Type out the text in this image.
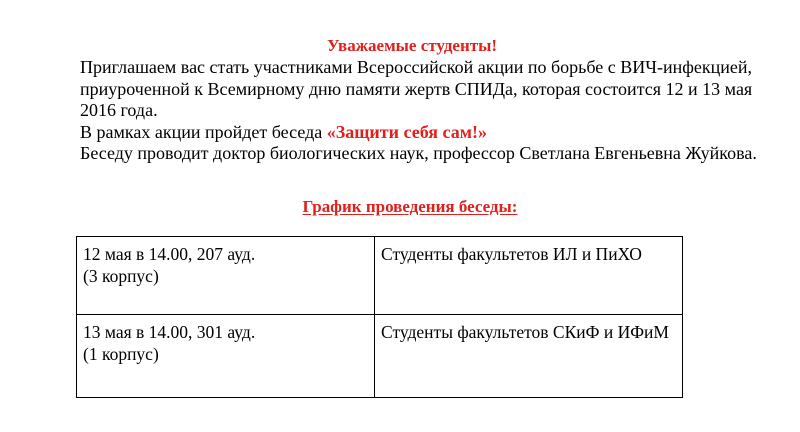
Уважаемые студенты!

Приглашаем вас стать участниками Всероссийской акции по борьбе с ВИЧ-инфекцией, приуроченной к Всемирному дню памяти жертв СПИДа, которая состоится 12 и 13 мая 2016 года.

В рамках акции пройдет беседа «Защити себя сам!»

Беседу проводит доктор биологических наук, профессор Светлана Евгеньевна Жуйкова.

График проведения беседы:
12 мая в 14.00, 207 ауд.
(3 корпус)	Студенты факультетов ИЛ и ПиХО

13 мая в 14.00, 301 ауд.
(1 корпус)	Студенты факультетов СКиФ и ИФиМ
